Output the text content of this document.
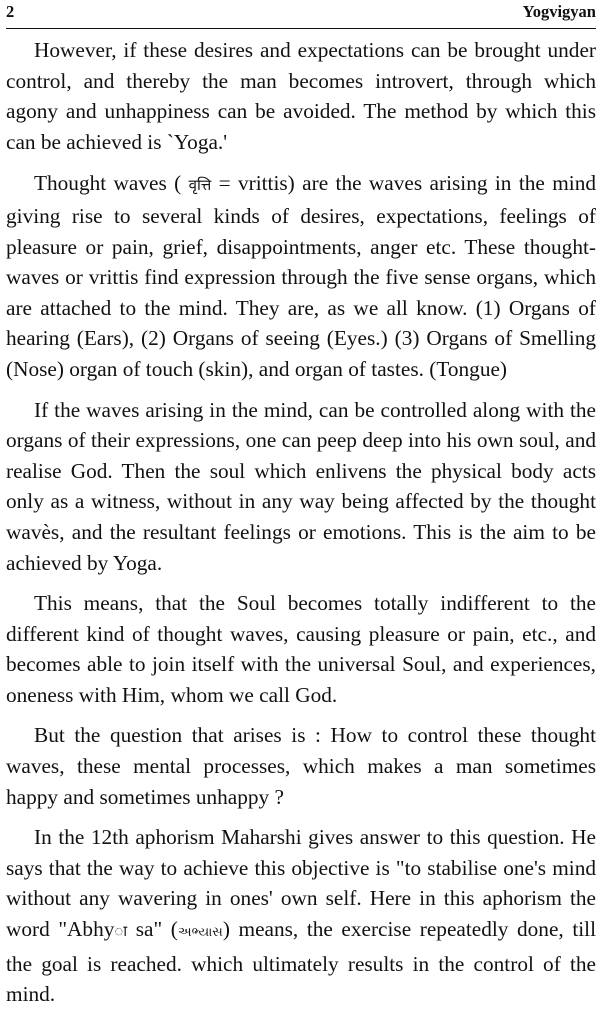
2	Yogvigyan

However, if these desires and expectations can be brought under control, and thereby the man becomes introvert, through which agony and unhappiness can be avoided. The method by which this can be achieved is `Yoga.'

Thought waves ( वृत्ति = vrittis) are the waves arising in the mind giving rise to several kinds of desires, expectations, feelings of pleasure or pain, grief, disappointments, anger etc. These thought-waves or vrittis find expression through the five sense organs, which are attached to the mind. They are, as we all know. (1) Organs of hearing (Ears), (2) Organs of seeing (Eyes.) (3) Organs of Smelling (Nose) organ of touch (skin), and organ of tastes. (Tongue)

If the waves arising in the mind, can be controlled along with the organs of their expressions, one can peep deep into his own soul, and realise God. Then the soul which enlivens the physical body acts only as a witness, without in any way being affected by the thought wavès, and the resultant feelings or emotions. This is the aim to be achieved by Yoga.

This means, that the Soul becomes totally indifferent to the different kind of thought waves, causing pleasure or pain, etc., and becomes able to join itself with the universal Soul, and experiences, oneness with Him, whom we call God.

But the question that arises is : How to control these thought waves, these mental processes, which makes a man sometimes happy and sometimes unhappy ?

In the 12th aphorism Maharshi gives answer to this question. He says that the way to achieve this objective is "to stabilise one's mind without any wavering in ones' own self. Here in this aphorism the word "Abhyा sa" (અભ્યાસ) means, the exercise repeatedly done, till the goal is reached. which ultimately results in the control of the mind.
